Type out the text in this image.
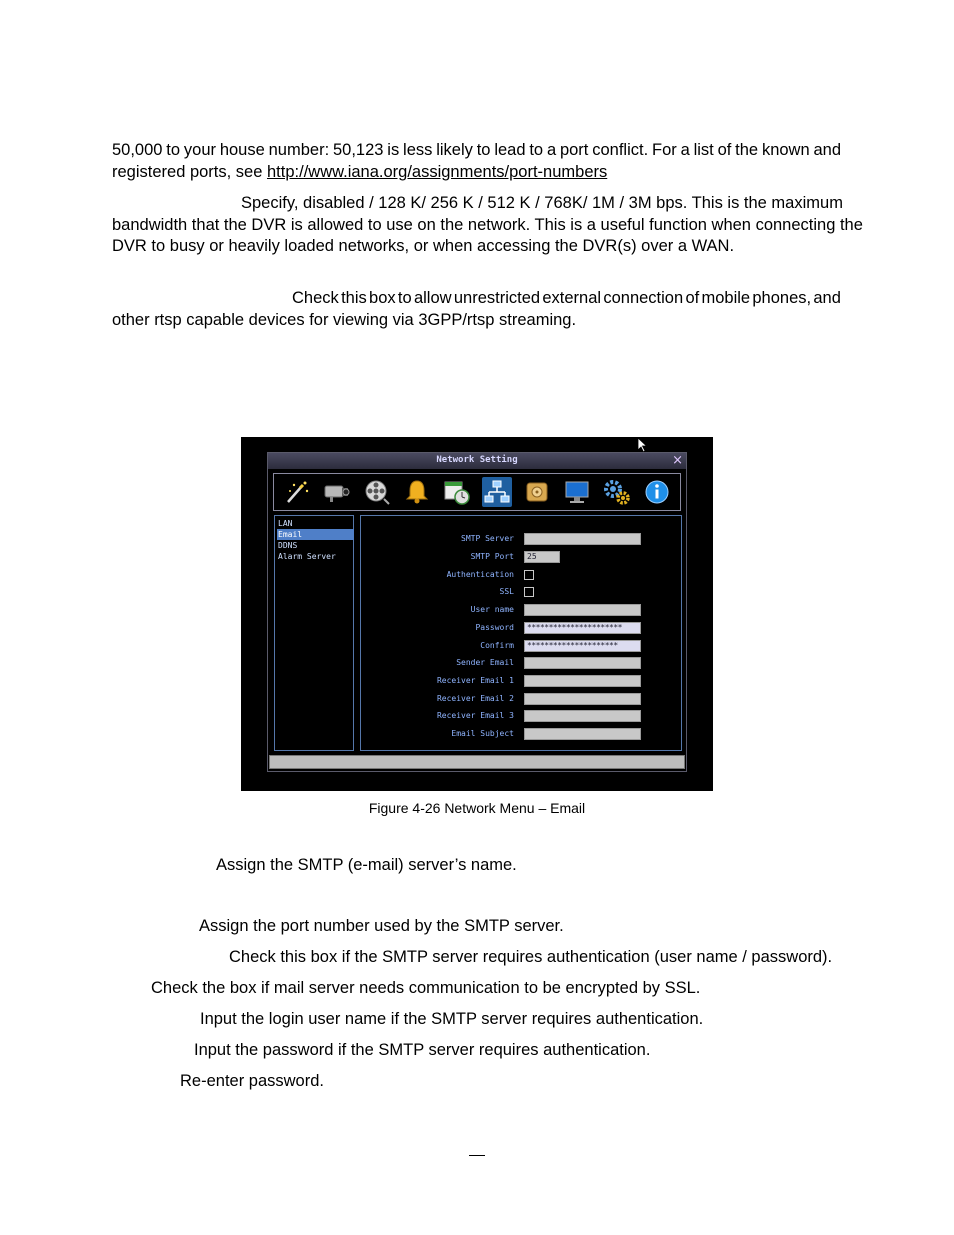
50,000 to your house number: 50,123 is less likely to lead to a port conflict. For a list of the known and
registered ports, see http://www.iana.org/assignments/port-numbers
Specify, disabled / 128 K/ 256 K / 512 K / 768K/ 1M / 3M bps. This is the maximum
bandwidth that the DVR is allowed to use on the network. This is a useful function when connecting the
DVR to busy or heavily loaded networks, or when accessing the DVR(s) over a WAN.
Check this box to allow unrestricted external connection of mobile phones, and
other rtsp capable devices for viewing via 3GPP/rtsp streaming.
Network Setting	×
LAN
Email
DDNS
Alarm Server
SMTP Server
SMTP Port	25
Authentication
SSL
User name
Password	**********************
Confirm	*********************
Sender Email
Receiver Email 1
Receiver Email 2
Receiver Email 3
Email Subject
Figure 4-26 Network Menu – Email
Assign the SMTP (e-mail) server’s name.
Assign the port number used by the SMTP server.
Check this box if the SMTP server requires authentication (user name / password).
Check the box if mail server needs communication to be encrypted by SSL.
Input the login user name if the SMTP server requires authentication.
Input the password if the SMTP server requires authentication.
Re-enter password.
